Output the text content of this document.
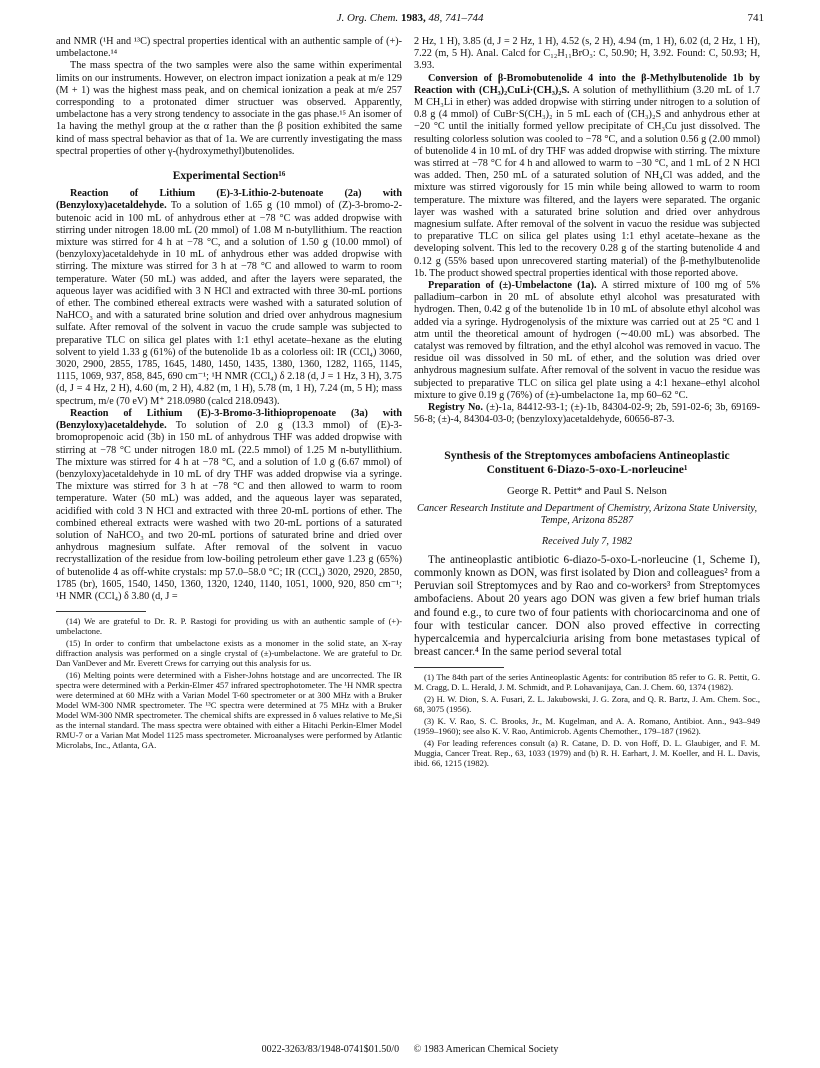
J. Org. Chem. 1983, 48, 741–744	741

and NMR (¹H and ¹³C) spectral properties identical with an authentic sample of (+)-umbelactone.¹⁴

The mass spectra of the two samples were also the same within experimental limits on our instruments. However, on electron impact ionization a peak at m/e 129 (M + 1) was the highest mass peak, and on chemical ionization a peak at m/e 257 corresponding to a protonated dimer structuer was observed. Apparently, umbelactone has a very strong tendency to associate in the gas phase.¹⁵ An isomer of 1a having the methyl group at the α rather than the β position exhibited the same kind of mass spectral behavior as that of 1a. We are currently investigating the mass spectral properties of other γ-(hydroxymethyl)butenolides.

Experimental Section¹⁶

Reaction of Lithium (E)-3-Lithio-2-butenoate (2a) with (Benzyloxy)acetaldehyde. To a solution of 1.65 g (10 mmol) of (Z)-3-bromo-2-butenoic acid in 100 mL of anhydrous ether at −78 °C was added dropwise with stirring under nitrogen 18.00 mL (20 mmol) of 1.08 M n-butyllithium. The reaction mixture was stirred for 4 h at −78 °C, and a solution of 1.50 g (10.00 mmol) of (benzyloxy)acetaldehyde in 10 mL of anhydrous ether was added dropwise with stirring. The mixture was stirred for 3 h at −78 °C and allowed to warm to room temperature. Water (50 mL) was added, and after the layers were separated, the aqueous layer was acidified with 3 N HCl and extracted with three 30-mL portions of ether. The combined ethereal extracts were washed with a saturated solution of NaHCO₃ and with a saturated brine solution and dried over anhydrous magnesium sulfate. After removal of the solvent in vacuo the crude sample was subjected to preparative TLC on silica gel plates with 1:1 ethyl acetate–hexane as the eluting solvent to yield 1.33 g (61%) of the butenolide 1b as a colorless oil: IR (CCl₄) 3060, 3020, 2900, 2855, 1785, 1645, 1480, 1450, 1435, 1380, 1360, 1282, 1165, 1145, 1115, 1069, 937, 858, 845, 690 cm⁻¹; ¹H NMR (CCl₄) δ 2.18 (d, J = 1 Hz, 3 H), 3.75 (d, J = 4 Hz, 2 H), 4.60 (m, 2 H), 4.82 (m, 1 H), 5.78 (m, 1 H), 7.24 (m, 5 H); mass spectrum, m/e (70 eV) M⁺ 218.0980 (calcd 218.0943).

Reaction of Lithium (E)-3-Bromo-3-lithiopropenoate (3a) with (Benzyloxy)acetaldehyde. To solution of 2.0 g (13.3 mmol) of (E)-3-bromopropenoic acid (3b) in 150 mL of anhydrous THF was added dropwise with stirring at −78 °C under nitrogen 18.0 mL (22.5 mmol) of 1.25 M n-butyllithium. The mixture was stirred for 4 h at −78 °C, and a solution of 1.0 g (6.67 mmol) of (benzyloxy)acetaldehyde in 10 mL of dry THF was added dropwise via a syringe. The mixture was stirred for 3 h at −78 °C and then allowed to warm to room temperature. Water (50 mL) was added, and the aqueous layer was separated, acidified with cold 3 N HCl and extracted with three 20-mL portions of ether. The combined ethereal extracts were washed with two 20-mL portions of a saturated solution of NaHCO₃ and two 20-mL portions of saturated brine and dried over anhydrous magnesium sulfate. After removal of the solvent in vacuo recrystallization of the residue from low-boiling petroleum ether gave 1.23 g (65%) of butenolide 4 as off-white crystals: mp 57.0–58.0 °C; IR (CCl₄) 3020, 2920, 2850, 1785 (br), 1605, 1540, 1450, 1360, 1320, 1240, 1140, 1051, 1000, 920, 850 cm⁻¹; ¹H NMR (CCl₄) δ 3.80 (d, J =

(14) We are grateful to Dr. R. P. Rastogi for providing us with an authentic sample of (+)-umbelactone.

(15) In order to confirm that umbelactone exists as a monomer in the solid state, an X-ray diffraction analysis was performed on a single crystal of (±)-umbelactone. We are grateful to Dr. Dan VanDever and Mr. Everett Crews for carrying out this analysis for us.

(16) Melting points were determined with a Fisher-Johns hotstage and are uncorrected. The IR spectra were determined with a Perkin-Elmer 457 infrared spectrophotometer. The ¹H NMR spectra were determined at 60 MHz with a Varian Model T-60 spectrometer or at 300 MHz with a Bruker Model WM-300 NMR spectrometer. The ¹³C spectra were determined at 75 MHz with a Bruker Model WM-300 NMR spectrometer. The chemical shifts are expressed in δ values relative to Me₄Si as the internal standard. The mass spectra were obtained with either a Hitachi Perkin-Elmer Model RMU-7 or a Varian Mat Model 1125 mass spectrometer. Microanalyses were performed by Atlantic Microlabs, Inc., Atlanta, GA.

2 Hz, 1 H), 3.85 (d, J = 2 Hz, 1 H), 4.52 (s, 2 H), 4.94 (m, 1 H), 6.02 (d, 2 Hz, 1 H), 7.22 (m, 5 H). Anal. Calcd for C₁₂H₁₁BrO₃: C, 50.90; H, 3.92. Found: C, 50.93; H, 3.93.

Conversion of β-Bromobutenolide 4 into the β-Methylbutenolide 1b by Reaction with (CH₃)₂CuLi·(CH₃)₂S. A solution of methyllithium (3.20 mL of 1.7 M CH₃Li in ether) was added dropwise with stirring under nitrogen to a solution of 0.8 g (4 mmol) of CuBr·S(CH₃)₂ in 5 mL each of (CH₃)₂S and anhydrous ether at −20 °C until the initially formed yellow precipitate of CH₃Cu just dissolved. The resulting colorless solution was cooled to −78 °C, and a solution 0.56 g (2.00 mmol) of butenolide 4 in 10 mL of dry THF was added dropwise with stirring. The mixture was stirred at −78 °C for 4 h and allowed to warm to −30 °C, and 1 mL of 2 N HCl was added. Then, 250 mL of a saturated solution of NH₄Cl was added, and the mixture was stirred vigorously for 15 min while being allowed to warm to room temperature. The mixture was filtered, and the layers were separated. The organic layer was washed with a saturated brine solution and dried over anhydrous magnesium sulfate. After removal of the solvent in vacuo the residue was subjected to preparative TLC on silica gel plates using 1:1 ethyl acetate–hexane as the developing solvent. This led to the recovery 0.28 g of the starting butenolide 4 and 0.12 g (55% based upon unrecovered starting material) of the β-methylbutenolide 1b. The product showed spectral properties identical with those reported above.

Preparation of (±)-Umbelactone (1a). A stirred mixture of 100 mg of 5% palladium–carbon in 20 mL of absolute ethyl alcohol was presaturated with hydrogen. Then, 0.42 g of the butenolide 1b in 10 mL of absolute ethyl alcohol was added via a syringe. Hydrogenolysis of the mixture was carried out at 25 °C and 1 atm until the theoretical amount of hydrogen (∼40.00 mL) was absorbed. The catalyst was removed by filtration, and the ethyl alcohol was removed in vacuo. The residue oil was dissolved in 50 mL of ether, and the solution was dried over anhydrous magnesium sulfate. After removal of the solvent in vacuo the residue was subjected to preparative TLC on silica gel plate using a 4:1 hexane–ethyl alcohol mixture to give 0.19 g (76%) of (±)-umbelactone 1a, mp 60–62 °C.

Registry No. (±)-1a, 84412-93-1; (±)-1b, 84304-02-9; 2b, 591-02-6; 3b, 69169-56-8; (±)-4, 84304-03-0; (benzyloxy)acetaldehyde, 60656-87-3.

Synthesis of the Streptomyces ambofaciens Antineoplastic Constituent 6-Diazo-5-oxo-L-norleucine¹
George R. Pettit* and Paul S. Nelson
Cancer Research Institute and Department of Chemistry, Arizona State University, Tempe, Arizona 85287
Received July 7, 1982

The antineoplastic antibiotic 6-diazo-5-oxo-L-norleucine (1, Scheme I), commonly known as DON, was first isolated by Dion and colleagues² from a Peruvian soil Streptomyces and by Rao and co-workers³ from Streptomyces ambofaciens. About 20 years ago DON was given a few brief human trials and found e.g., to cure two of four patients with choriocarcinoma and one of four with testicular cancer. DON also proved effective in correcting hypercalcemia and hypercalciuria arising from bone metastases typical of breast cancer.⁴ In the same period several total

(1) The 84th part of the series Antineoplastic Agents: for contribution 85 refer to G. R. Pettit, G. M. Cragg, D. L. Herald, J. M. Schmidt, and P. Lohavanijaya, Can. J. Chem. 60, 1374 (1982).

(2) H. W. Dion, S. A. Fusari, Z. L. Jakubowski, J. G. Zora, and Q. R. Bartz, J. Am. Chem. Soc., 68, 3075 (1956).

(3) K. V. Rao, S. C. Brooks, Jr., M. Kugelman, and A. A. Romano, Antibiot. Ann., 943–949 (1959–1960); see also K. V. Rao, Antimicrob. Agents Chemother., 179–187 (1962).

(4) For leading references consult (a) R. Catane, D. D. von Hoff, D. L. Glaubiger, and F. M. Muggia, Cancer Treat. Rep., 63, 1033 (1979) and (b) R. H. Earhart, J. M. Koeller, and H. L. Davis, ibid. 66, 1215 (1982).

0022-3263/83/1948-0741$01.50/0 © 1983 American Chemical Society
